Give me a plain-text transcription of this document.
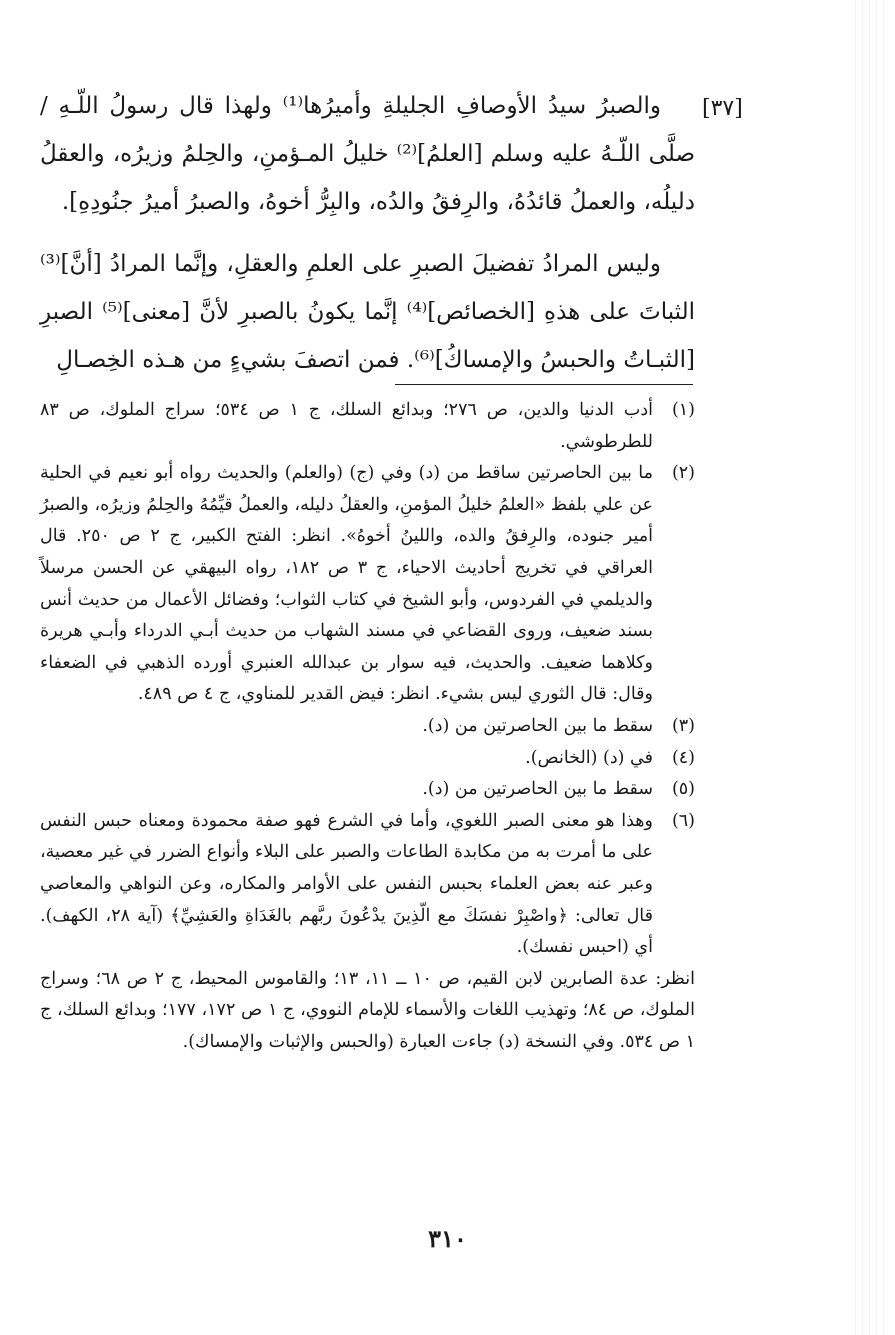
[٣٧]

والصبرُ سيدُ الأوصافِ الجليلةِ وأميرُها⁽¹⁾ ولهذا قال رسولُ اللّـهِ / صلَّى اللّـهُ عليه وسلم [العلمُ]⁽²⁾ خليلُ المـؤمنِ، والحِلمُ وزيرُه، والعقلُ دليلُه، والعملُ قائدُهُ، والرِفقُ والدُه، والبِرُّ أخوهُ، والصبرُ أميرُ جنُودِهِ].

وليس المرادُ تفضيلَ الصبرِ على العلمِ والعقلِ، وإنَّما المرادُ [أنَّ]⁽³⁾ الثباتَ على هذهِ [الخصائص]⁽⁴⁾ إنَّما يكونُ بالصبرِ لأنَّ [معنى]⁽⁵⁾ الصبرِ [الثبـاتُ والحبسُ والإمساكُ]⁽⁶⁾. فمن اتصفَ بشيءٍ من هـذه الخِصـالِ

(١)
أدب الدنيا والدين، ص ٢٧٦؛ وبدائع السلك، ج ١ ص ٥٣٤؛ سراج الملوك، ص ٨٣ للطرطوشي.
(٢)
ما بين الحاصرتين ساقط من (د) وفي (ج) (والعلم) والحديث رواه أبو نعيم في الحلية عن علي بلفظ «العلمُ خليلُ المؤمنِ، والعقلُ دليله، والعملُ قيِّمُهُ والحِلمُ وزيرُه، والصبرُ أمير جنوده، والرِفقُ والده، واللينُ أخوهُ». انظر: الفتح الكبير، ج ٢ ص ٢٥٠. قال العراقي في تخريج أحاديث الاحياء، ج ٣ ص ١٨٢، رواه البيهقي عن الحسن مرسلاً والديلمي في الفردوس، وأبو الشيخ في كتاب الثواب؛ وفضائل الأعمال من حديث أنس بسند ضعيف، وروى القضاعي في مسند الشهاب من حديث أبـي الدرداء وأبـي هريرة وكلاهما ضعيف. والحديث، فيه سوار بن عبدالله العنبري أورده الذهبي في الضعفاء وقال: قال الثوري ليس بشيء. انظر: فيض القدير للمناوي، ج ٤ ص ٤٨٩.
(٣)
سقط ما بين الحاصرتين من (د).
(٤)
في (د) (الخانص).
(٥)
سقط ما بين الحاصرتين من (د).
(٦)
وهذا هو معنى الصبر اللغوي، وأما في الشرع فهو صفة محمودة ومعناه حبس النفس على ما أمرت به من مكابدة الطاعات والصبر على البلاء وأنواع الضرر في غير معصية، وعبر عنه بعض العلماء بحبس النفس على الأوامر والمكاره، وعن النواهي والمعاصي قال تعالى: ﴿واصْبِرْ نفسَكَ مع الّذِينَ يدْعُونَ ربَّهم بالغَدَاةِ والعَشِيِّ﴾ (آية ٢٨، الكهف). أي (احبس نفسك).

انظر: عدة الصابرين لابن القيم، ص ١٠ ــ ١١، ١٣؛ والقاموس المحيط، ج ٢ ص ٦٨؛ وسراج الملوك، ص ٨٤؛ وتهذيب اللغات والأسماء للإمام النووي، ج ١ ص ١٧٢، ١٧٧؛ وبدائع السلك، ج ١ ص ٥٣٤. وفي النسخة (د) جاءت العبارة (والحبس والإثبات والإمساك).

٣١٠
